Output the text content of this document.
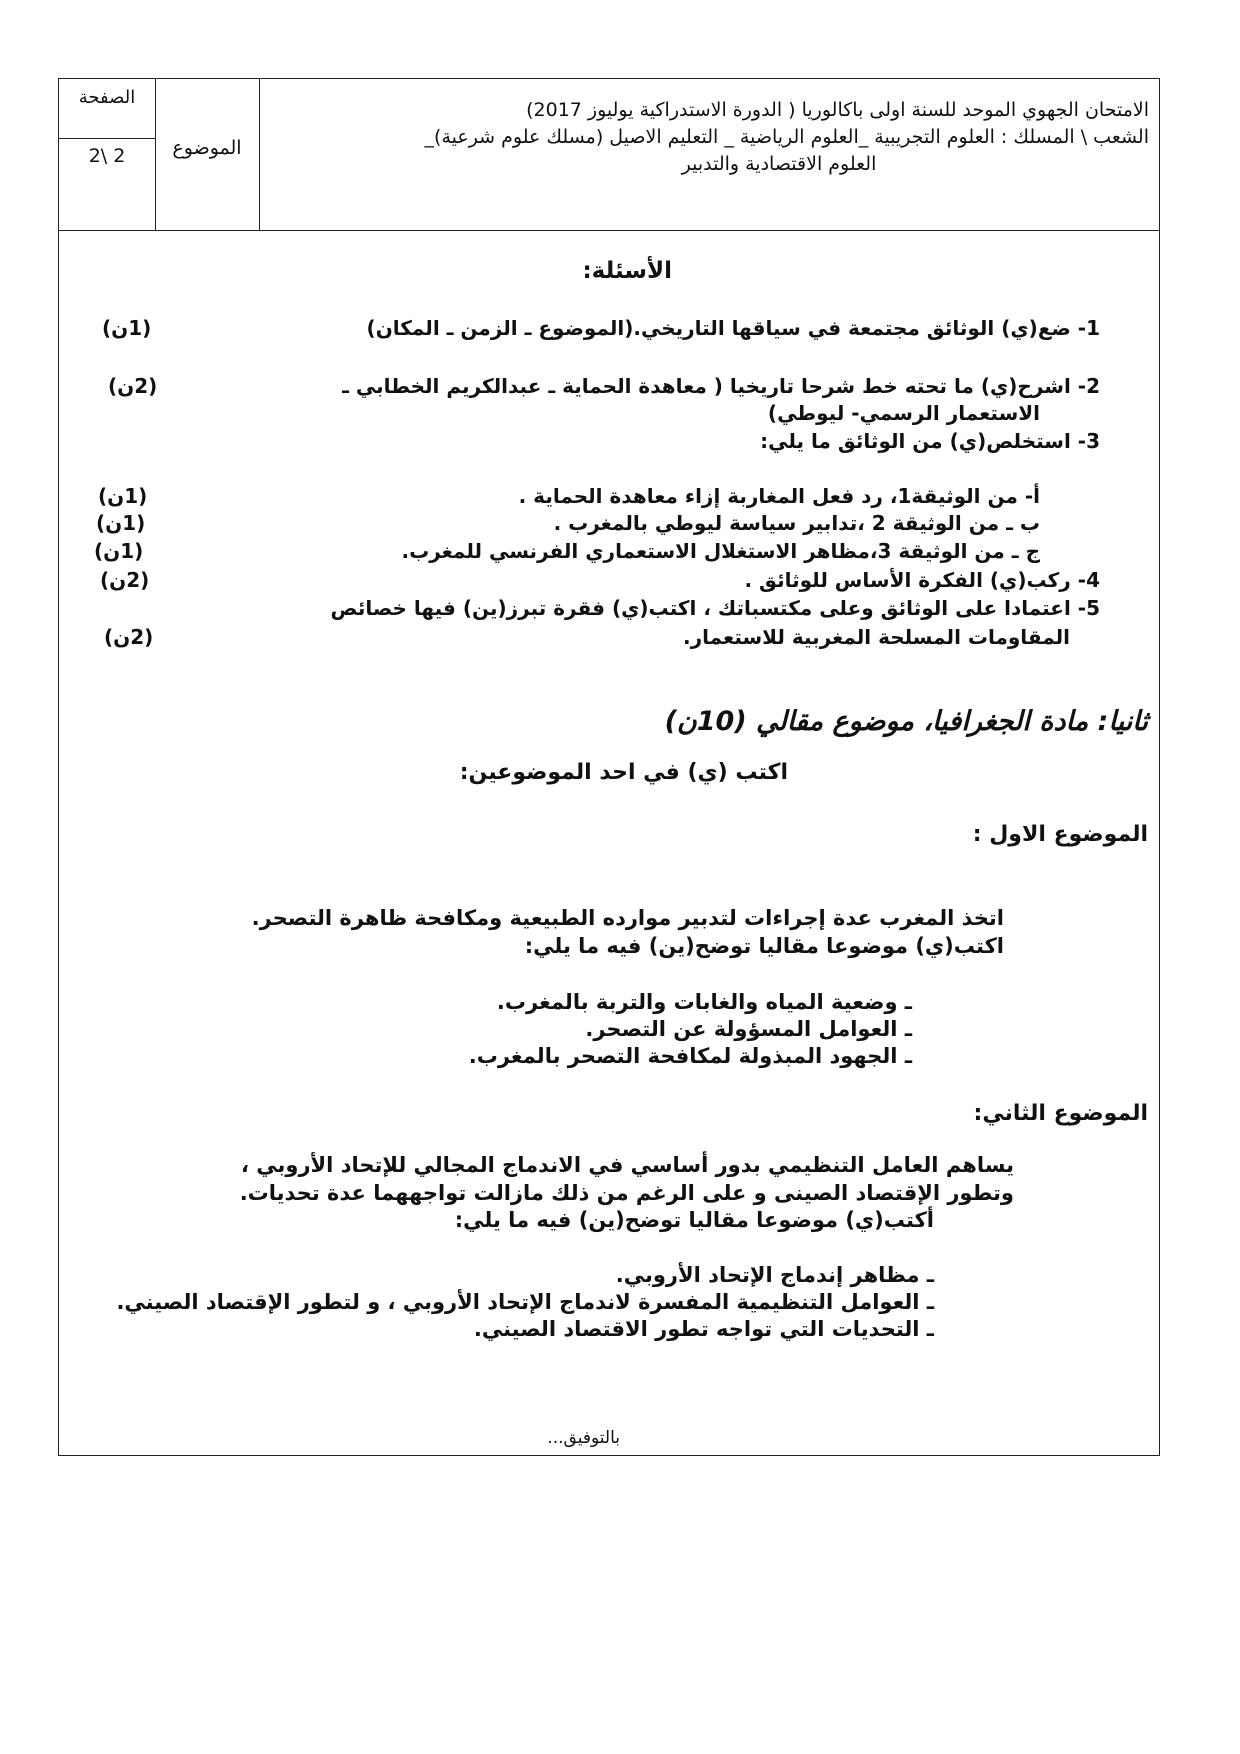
الامتحان الجهوي الموحد للسنة اولى باكالوريا ( الدورة الاستدراكية يوليوز 2017)
الشعب \ المسلك : العلوم التجريبية _العلوم الرياضية _ التعليم الاصيل (مسلك علوم شرعية)_
العلوم الاقتصادية والتدبير
الموضوع
الصفحة
2\ 2
الأسئلة:
1- ضع(ي) الوثائق مجتمعة في سياقها التاريخي.(الموضوع ـ الزمن ـ المكان)
(1ن)
2- اشرح(ي) ما تحته خط شرحا تاريخيا ( معاهدة الحماية ـ عبدالكريم الخطابي ـ
الاستعمار الرسمي- ليوطي)
(2ن)
3- استخلص(ي) من الوثائق ما يلي:
أ- من الوثيقة1، رد فعل المغاربة إزاء معاهدة الحماية .
(1ن)
ب ـ من الوثيقة 2 ،تدابير سياسة ليوطي بالمغرب .
(1ن)
ج ـ من الوثيقة 3،مظاهر الاستغلال الاستعماري الفرنسي للمغرب.
(1ن)
4- ركب(ي) الفكرة الأساس للوثائق .
(2ن)
5- اعتمادا على الوثائق وعلى مكتسباتك ، اكتب(ي) فقرة تبرز(ين) فيها خصائص
المقاومات المسلحة المغربية للاستعمار.
(2ن)
ثانيا: مادة الجغرافيا، موضوع مقالي (10ن)
اكتب (ي) في احد الموضوعين:
الموضوع الاول :
اتخذ المغرب عدة إجراءات لتدبير موارده الطبيعية ومكافحة ظاهرة التصحر.
اكتب(ي) موضوعا مقاليا توضح(ين) فيه ما يلي:
ـ وضعية المياه والغابات والتربة بالمغرب.
ـ العوامل المسؤولة عن التصحر.
ـ الجهود المبذولة لمكافحة التصحر بالمغرب.
الموضوع الثاني:
يساهم العامل التنظيمي بدور أساسي في الاندماج المجالي للإتحاد الأروبي ،
وتطور الإقتصاد الصينى و على الرغم من ذلك مازالت تواجههما عدة تحديات.
أكتب(ي) موضوعا مقاليا توضح(ين) فيه ما يلي:
ـ مظاهر إندماج الإتحاد الأروبي.
ـ العوامل التنظيمية المفسرة لاندماج الإتحاد الأروبي ، و لتطور الإقتصاد الصيني.
ـ التحديات التي تواجه تطور الاقتصاد الصيني.
بالتوفيق...
